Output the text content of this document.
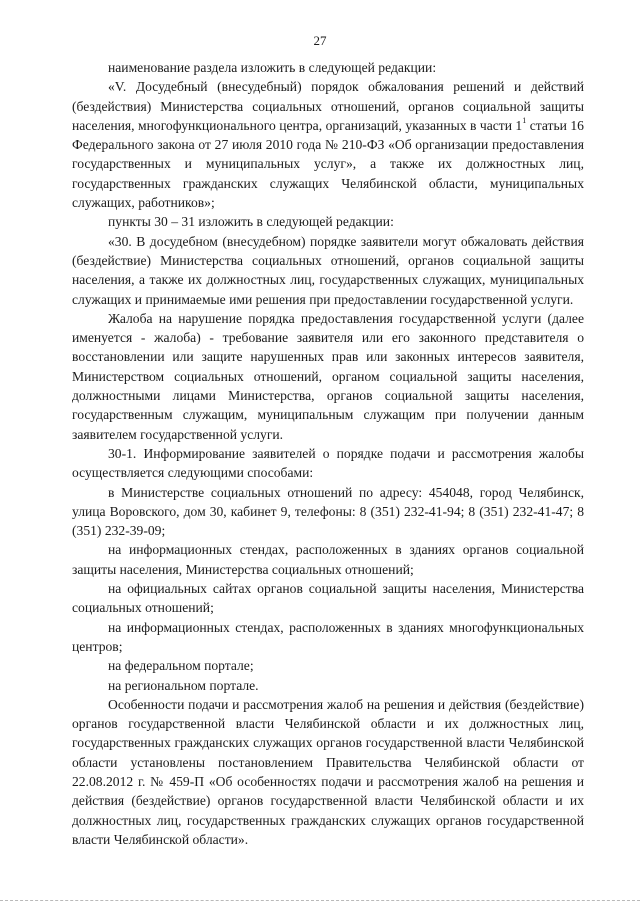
27

наименование раздела изложить в следующей редакции:

«V. Досудебный (внесудебный) порядок обжалования решений и действий (бездействия) Министерства социальных отношений, органов социальной защиты населения, многофункционального центра, организаций, указанных в части $1^1$ статьи 16 Федерального закона от 27 июля 2010 года № 210-ФЗ «Об организации предоставления государственных и муниципальных услуг», а также их должностных лиц, государственных гражданских служащих Челябинской области, муниципальных служащих, работников»;

пункты 30 – 31 изложить в следующей редакции:

«30. В досудебном (внесудебном) порядке заявители могут обжаловать действия (бездействие) Министерства социальных отношений, органов социальной защиты населения, а также их должностных лиц, государственных служащих, муниципальных служащих и принимаемые ими решения при предоставлении государственной услуги.

Жалоба на нарушение порядка предоставления государственной услуги (далее именуется - жалоба) - требование заявителя или его законного представителя о восстановлении или защите нарушенных прав или законных интересов заявителя, Министерством социальных отношений, органом социальной защиты населения, должностными лицами Министерства, органов социальной защиты населения, государственным служащим, муниципальным служащим при получении данным заявителем государственной услуги.

30-1. Информирование заявителей о порядке подачи и рассмотрения жалобы осуществляется следующими способами:

в Министерстве социальных отношений по адресу: 454048, город Челябинск, улица Воровского, дом 30, кабинет 9, телефоны: 8 (351) 232-41-94; 8 (351) 232-41-47; 8 (351) 232-39-09;

на информационных стендах, расположенных в зданиях органов социальной защиты населения, Министерства социальных отношений;

на официальных сайтах органов социальной защиты населения, Министерства социальных отношений;

на информационных стендах, расположенных в зданиях многофункциональных центров;

на федеральном портале;

на региональном портале.

Особенности подачи и рассмотрения жалоб на решения и действия (бездействие) органов государственной власти Челябинской области и их должностных лиц, государственных гражданских служащих органов государственной власти Челябинской области установлены постановлением Правительства Челябинской области от 22.08.2012 г. № 459-П «Об особенностях подачи и рассмотрения жалоб на решения и действия (бездействие) органов государственной власти Челябинской области и их должностных лиц, государственных гражданских служащих органов государственной власти Челябинской области».
